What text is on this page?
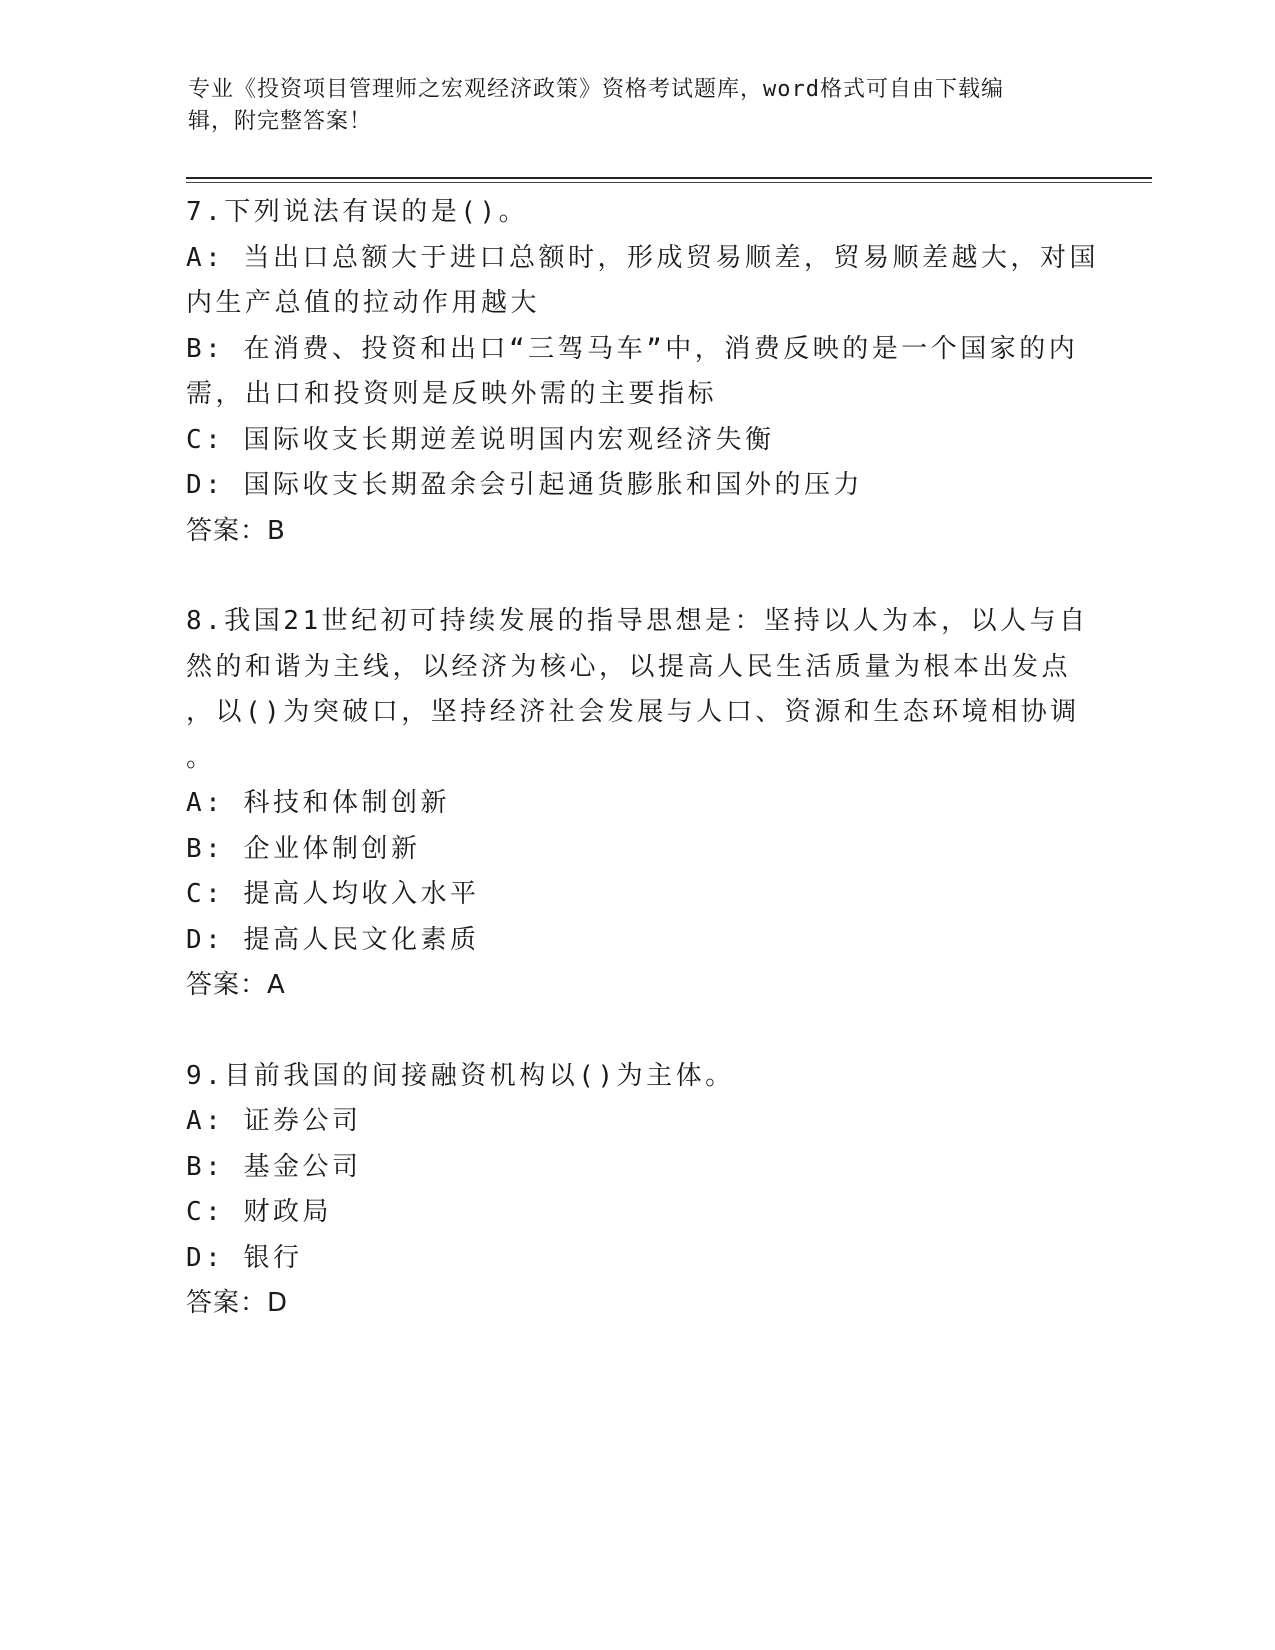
专业《投资项目管理师之宏观经济政策》资格考试题库，word格式可自由下载编
辑，附完整答案！
7.下列说法有误的是()。
A: 当出口总额大于进口总额时，形成贸易顺差，贸易顺差越大，对国
内生产总值的拉动作用越大
B: 在消费、投资和出口“三驾马车”中，消费反映的是一个国家的内
需，出口和投资则是反映外需的主要指标
C: 国际收支长期逆差说明国内宏观经济失衡
D: 国际收支长期盈余会引起通货膨胀和国外的压力
答案：B
8.我国21世纪初可持续发展的指导思想是：坚持以人为本，以人与自
然的和谐为主线，以经济为核心，以提高人民生活质量为根本出发点
，以()为突破口，坚持经济社会发展与人口、资源和生态环境相协调
。
A: 科技和体制创新
B: 企业体制创新
C: 提高人均收入水平
D: 提高人民文化素质
答案：A
9.目前我国的间接融资机构以()为主体。
A: 证券公司
B: 基金公司
C: 财政局
D: 银行
答案：D
